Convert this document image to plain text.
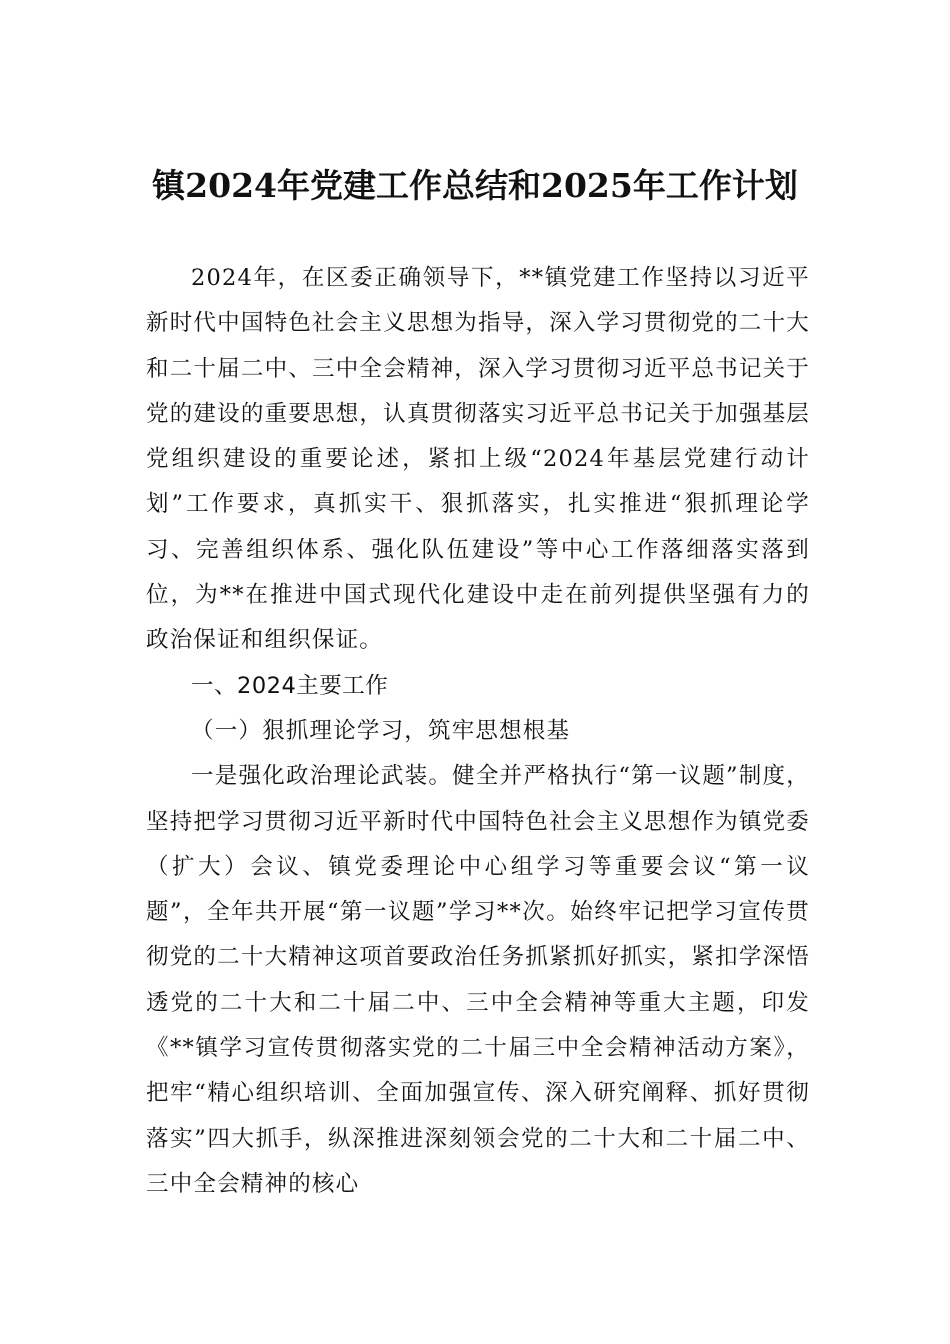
镇2024年党建工作总结和2025年工作计划

2024年，在区委正确领导下，**镇党建工作坚持以习近平新时代中国特色社会主义思想为指导，深入学习贯彻党的二十大和二十届二中、三中全会精神，深入学习贯彻习近平总书记关于党的建设的重要思想，认真贯彻落实习近平总书记关于加强基层党组织建设的重要论述，紧扣上级“2024年基层党建行动计划”工作要求，真抓实干、狠抓落实，扎实推进“狠抓理论学习、完善组织体系、强化队伍建设”等中心工作落细落实落到位，为**在推进中国式现代化建设中走在前列提供坚强有力的政治保证和组织保证。

一、2024主要工作

（一）狠抓理论学习，筑牢思想根基

一是强化政治理论武装。健全并严格执行“第一议题”制度，坚持把学习贯彻习近平新时代中国特色社会主义思想作为镇党委（扩大）会议、镇党委理论中心组学习等重要会议“第一议题”，全年共开展“第一议题”学习**次。始终牢记把学习宣传贯彻党的二十大精神这项首要政治任务抓紧抓好抓实，紧扣学深悟透党的二十大和二十届二中、三中全会精神等重大主题，印发《**镇学习宣传贯彻落实党的二十届三中全会精神活动方案》，把牢“精心组织培训、全面加强宣传、深入研究阐释、抓好贯彻落实”四大抓手，纵深推进深刻领会党的二十大和二十届二中、三中全会精神的核心
